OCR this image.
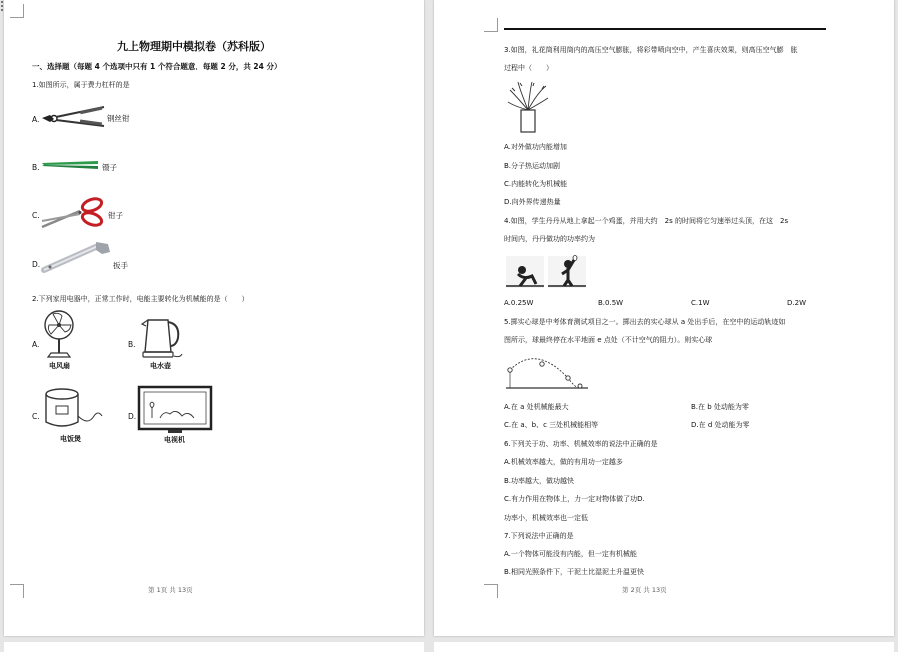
九上物理期中模拟卷（苏科版）
一、选择题（每题 4 个选项中只有 1 个符合题意．每题 2 分，共 24 分）
1.如图所示，属于费力杠杆的是
A.	钢丝钳
B.	镊子
C.	钳子
D.	扳手
2.下列家用电器中，正常工作时，电能主要转化为机械能的是（　　）
A.
电风扇
B.
电水壶
C.
电饭煲
D.
电视机
第 1页 共 13页
3.如图，礼花筒利用筒内的高压空气膨胀，将彩带喷向空中，产生喜庆效果，则高压空气膨　胀
过程中（　　）
A.对外做功内能增加
B.分子热运动加剧
C.内能转化为机械能
D.向外界传递热量
4.如图，学生丹丹从地上拿起一个鸡蛋，并用大约　2s 的时间将它匀速举过头顶，在这　2s
时间内，丹丹做功的功率约为
A.0.25W	B.0.5W	C.1W	D.2W
5.掷实心球是中考体育测试项目之一。掷出去的实心球从 a 处出手后，在空中的运动轨迹如
图所示，球最终停在水平地面 e 点处（不计空气的阻力）。则实心球
A.在 a 处机械能最大	B.在 b 处动能为零
C.在 a、b、c 三处机械能相等	D.在 d 处动能为零
6.下列关于功、功率、机械效率的说法中正确的是
A.机械效率越大，做的有用功一定越多
B.功率越大，做功越快
C.有力作用在物体上，力一定对物体做了功D.
功率小，机械效率也一定低
7.下列说法中正确的是
A.一个物体可能没有内能，但一定有机械能
B.相同光照条件下，干泥土比湿泥土升温更快
第 2页 共 13页
